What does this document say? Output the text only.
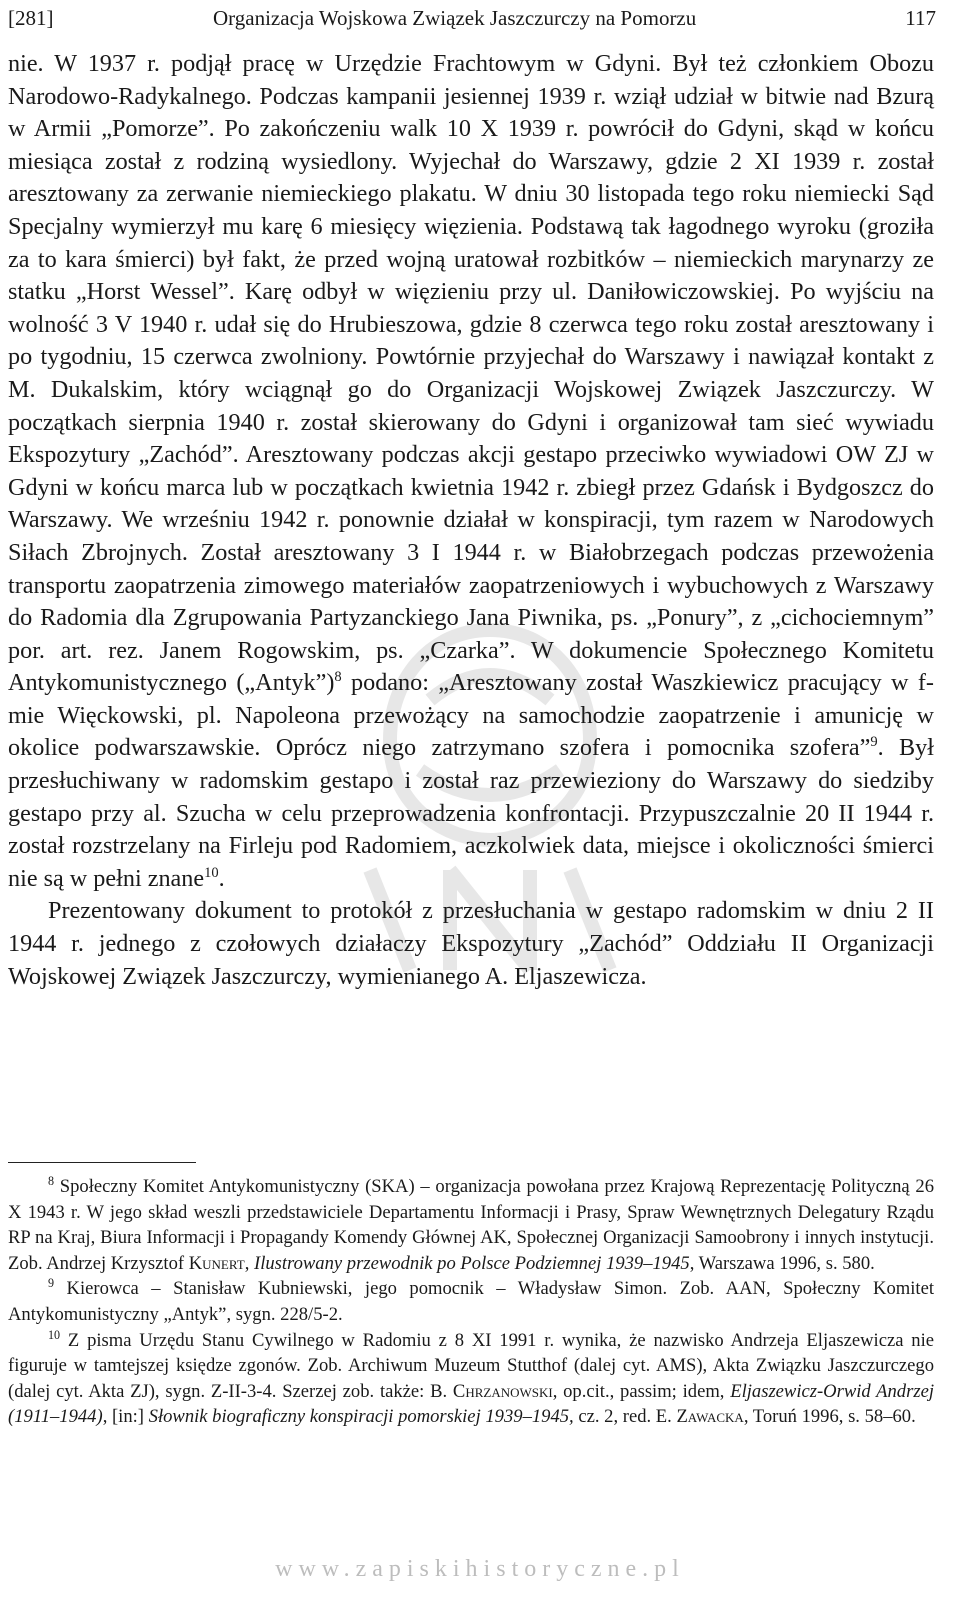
[281]	Organizacja Wojskowa Związek Jaszczurczy na Pomorzu	117

nie. W 1937 r. podjął pracę w Urzędzie Frachtowym w Gdyni. Był też członkiem Obozu Narodowo-Radykalnego. Podczas kampanii jesiennej 1939 r. wziął udział w bitwie nad Bzurą w Armii „Pomorze”. Po zakończeniu walk 10 X 1939 r. powrócił do Gdyni, skąd w końcu miesiąca został z rodziną wysiedlony. Wyjechał do Warszawy, gdzie 2 XI 1939 r. został aresztowany za zerwanie niemieckiego plakatu. W dniu 30 listopada tego roku niemiecki Sąd Specjalny wymierzył mu karę 6 miesięcy więzienia. Podstawą tak łagodnego wyroku (groziła za to kara śmierci) był fakt, że przed wojną uratował rozbitków – niemieckich marynarzy ze statku „Horst Wessel”. Karę odbył w więzieniu przy ul. Daniłowiczowskiej. Po wyjściu na wolność 3 V 1940 r. udał się do Hrubieszowa, gdzie 8 czerwca tego roku został aresztowany i po tygodniu, 15 czerwca zwolniony. Powtórnie przyjechał do Warszawy i nawiązał kontakt z M. Dukalskim, który wciągnął go do Organizacji Wojskowej Związek Jaszczurczy. W początkach sierpnia 1940 r. został skierowany do Gdyni i organizował tam sieć wywiadu Ekspozytury „Zachód”. Aresztowany podczas akcji gestapo przeciwko wywiadowi OW ZJ w Gdyni w końcu marca lub w początkach kwietnia 1942 r. zbiegł przez Gdańsk i Bydgoszcz do Warszawy. We wrześniu 1942 r. ponownie działał w konspiracji, tym razem w Narodowych Siłach Zbrojnych. Został aresztowany 3 I 1944 r. w Białobrzegach podczas przewożenia transportu zaopatrzenia zimowego materiałów zaopatrzeniowych i wybuchowych z Warszawy do Radomia dla Zgrupowania Partyzanckiego Jana Piwnika, ps. „Ponury”, z „cichociemnym” por. art. rez. Janem Rogowskim, ps. „Czarka”. W dokumencie Społecznego Komitetu Antykomunistycznego („Antyk”)$^8$ podano: „Aresztowany został Waszkiewicz pracujący w f-mie Więckowski, pl. Napoleona przewożący na samochodzie zaopatrzenie i amunicję w okolice podwarszawskie. Oprócz niego zatrzymano szofera i pomocnika szofera”$^9$. Był przesłuchiwany w radomskim gestapo i został raz przewieziony do Warszawy do siedziby gestapo przy al. Szucha w celu przeprowadzenia konfrontacji. Przypuszczalnie 20 II 1944 r. został rozstrzelany na Firleju pod Radomiem, aczkolwiek data, miejsce i okoliczności śmierci nie są w pełni znane$^{10}$.

Prezentowany dokument to protokół z przesłuchania w gestapo radomskim w dniu 2 II 1944 r. jednego z czołowych działaczy Ekspozytury „Zachód” Oddziału II Organizacji Wojskowej Związek Jaszczurczy, wymienianego A. Eljaszewicza.

$^8$ Społeczny Komitet Antykomunistyczny (SKA) – organizacja powołana przez Krajową Reprezentację Polityczną 26 X 1943 r. W jego skład weszli przedstawiciele Departamentu Informacji i Prasy, Spraw Wewnętrznych Delegatury Rządu RP na Kraj, Biura Informacji i Propagandy Komendy Głównej AK, Społecznej Organizacji Samoobrony i innych instytucji. Zob. Andrzej Krzysztof Kunert, Ilustrowany przewodnik po Polsce Podziemnej 1939–1945, Warszawa 1996, s. 580.

$^9$ Kierowca – Stanisław Kubniewski, jego pomocnik – Władysław Simon. Zob. AAN, Społeczny Komitet Antykomunistyczny „Antyk”, sygn. 228/5-2.

$^{10}$ Z pisma Urzędu Stanu Cywilnego w Radomiu z 8 XI 1991 r. wynika, że nazwisko Andrzeja Eljaszewicza nie figuruje w tamtejszej księdze zgonów. Zob. Archiwum Muzeum Stutthof (dalej cyt. AMS), Akta Związku Jaszczurczego (dalej cyt. Akta ZJ), sygn. Z-II-3-4. Szerzej zob. także: B. Chrzanowski, op.cit., passim; idem, Eljaszewicz-Orwid Andrzej (1911–1944), [in:] Słownik biograficzny konspiracji pomorskiej 1939–1945, cz. 2, red. E. Zawacka, Toruń 1996, s. 58–60.

www.zapiskihistoryczne.pl
